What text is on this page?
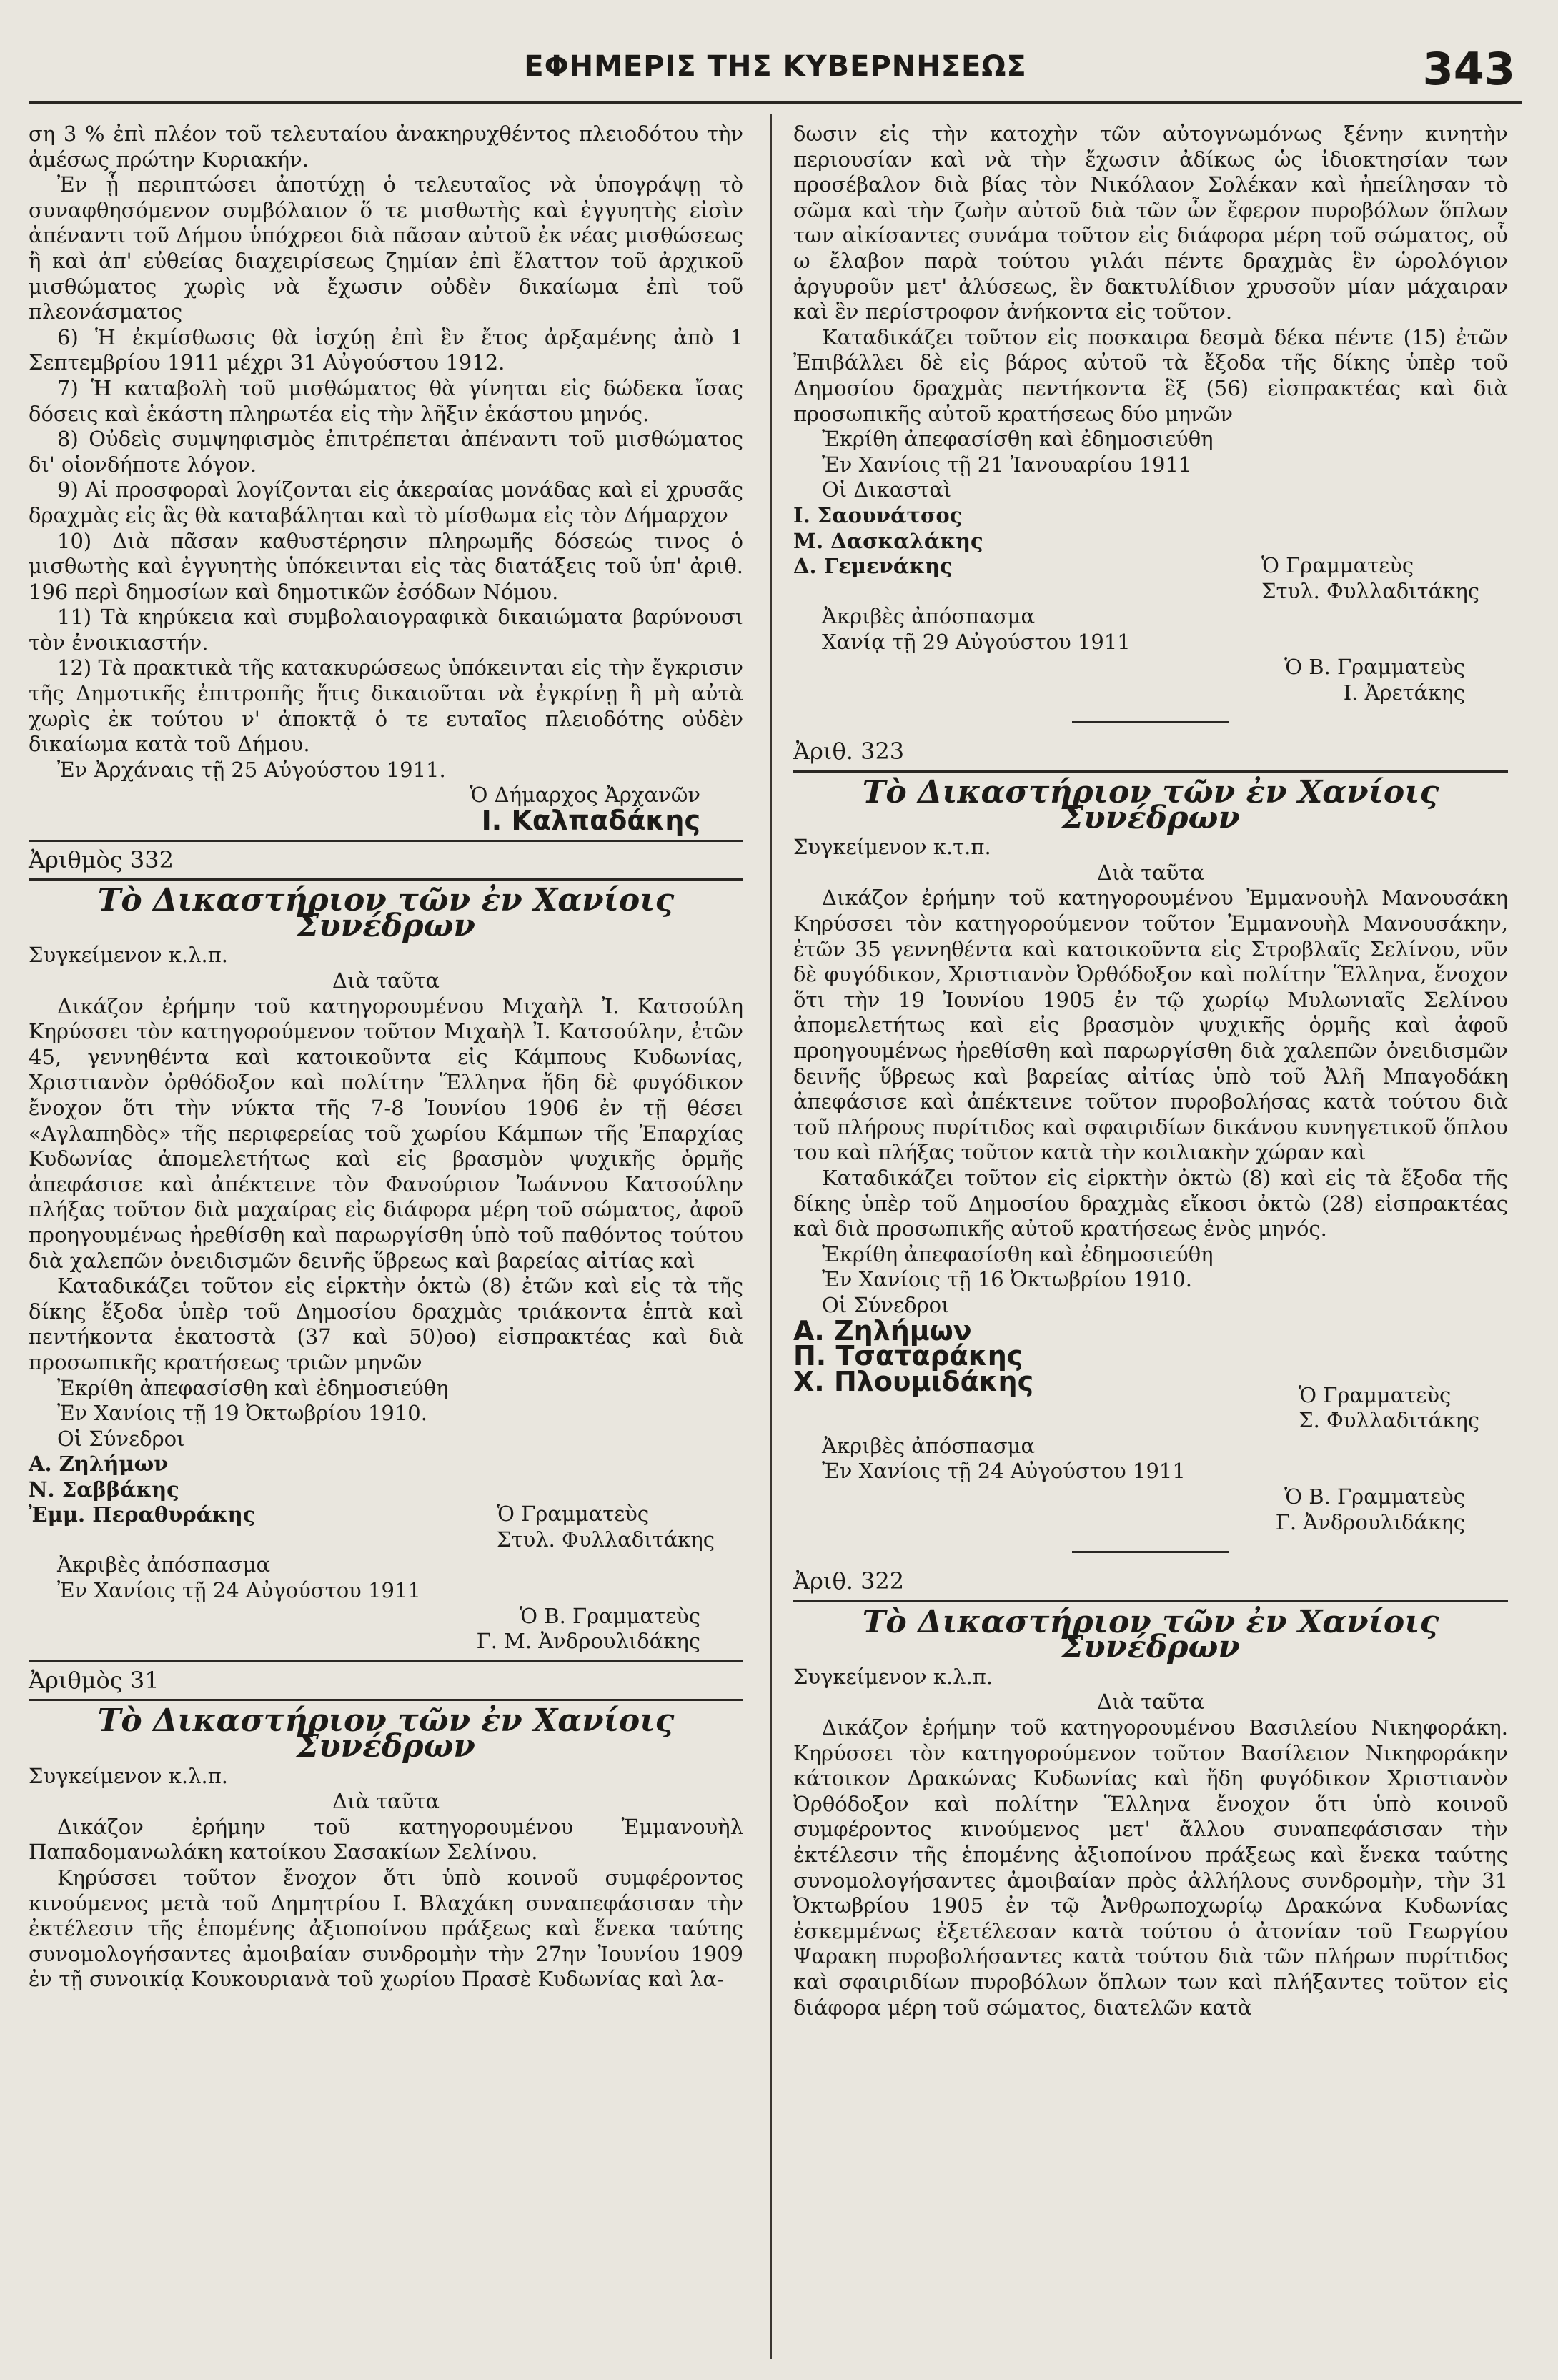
ΕΦΗΜΕΡΙΣ ΤΗΣ ΚΥΒΕΡΝΗΣΕΩΣ	343

ση 3 % ἐπὶ πλέον τοῦ τελευταίου ἀνακηρυχθέντος πλειοδότου τὴν ἀμέσως πρώτην Κυριακήν.

Ἐν ᾗ περιπτώσει ἀποτύχῃ ὁ τελευταῖος νὰ ὑπογράψῃ τὸ συναφθησόμενον συμβόλαιον ὅ τε μισθωτὴς καὶ ἐγγυητὴς εἰσὶν ἀπέναντι τοῦ Δήμου ὑπόχρεοι διὰ πᾶσαν αὐτοῦ ἐκ νέας μισθώσεως ἢ καὶ ἀπ' εὐθείας διαχειρίσεως ζημίαν ἐπὶ ἔλαττον τοῦ ἀρχικοῦ μισθώματος χωρὶς νὰ ἔχωσιν οὐδὲν δικαίωμα ἐπὶ τοῦ πλεονάσματος

6) Ἡ ἐκμίσθωσις θὰ ἰσχύῃ ἐπὶ ἓν ἔτος ἀρξαμένης ἀπὸ 1 Σεπτεμβρίου 1911 μέχρι 31 Αὐγούστου 1912.

7) Ἡ καταβολὴ τοῦ μισθώματος θὰ γίνηται εἰς δώδεκα ἴσας δόσεις καὶ ἑκάστη πληρωτέα εἰς τὴν λῆξιν ἑκάστου μηνός.

8) Οὐδεὶς συμψηφισμὸς ἐπιτρέπεται ἀπέναντι τοῦ μισθώματος δι' οἱονδήποτε λόγον.

9) Αἱ προσφοραὶ λογίζονται εἰς ἀκεραίας μονάδας καὶ εἰ χρυσᾶς δραχμὰς εἰς ἃς θὰ καταβάληται καὶ τὸ μίσθωμα εἰς τὸν Δήμαρχον

10) Διὰ πᾶσαν καθυστέρησιν πληρωμῆς δόσεώς τινος ὁ μισθωτὴς καὶ ἐγγυητὴς ὑπόκεινται εἰς τὰς διατάξεις τοῦ ὑπ' ἀριθ. 196 περὶ δημοσίων καὶ δημοτικῶν ἐσόδων Νόμου.

11) Τὰ κηρύκεια καὶ συμβολαιογραφικὰ δικαιώματα βαρύνουσι τὸν ἐνοικιαστήν.

12) Τὰ πρακτικὰ τῆς κατακυρώσεως ὑπόκεινται εἰς τὴν ἔγκρισιν τῆς Δημοτικῆς ἐπιτροπῆς ἥτις δικαιοῦται νὰ ἐγκρίνῃ ἢ μὴ αὐτὰ χωρὶς ἐκ τούτου ν' ἀποκτᾷ ὁ τε ευταῖος πλειοδότης οὐδὲν δικαίωμα κατὰ τοῦ Δήμου.

Ἐν Ἀρχάναις τῇ 25 Αὐγούστου 1911.

Ὁ Δήμαρχος Ἀρχανῶν

Ι. Καλπαδάκης

Ἀριθμὸς 332

Τὸ Δικαστήριον τῶν ἐν Χανίοις Συνέδρων

Συγκείμενον κ.λ.π.

Διὰ ταῦτα

Δικάζον ἐρήμην τοῦ κατηγορουμένου Μιχαὴλ Ἰ. Κατσούλη Κηρύσσει τὸν κατηγορούμενον τοῦτον Μιχαὴλ Ἰ. Κατσούλην, ἐτῶν 45, γεννηθέντα καὶ κατοικοῦντα εἰς Κάμπους Κυδωνίας, Χριστιανὸν ὀρθόδοξον καὶ πολίτην Ἕλληνα ἤδη δὲ φυγόδικον ἔνοχον ὅτι τὴν νύκτα τῆς 7-8 Ἰουνίου 1906 ἐν τῇ θέσει «Αγλαπηδὸς» τῆς περιφερείας τοῦ χωρίου Κάμπων τῆς Ἐπαρχίας Κυδωνίας ἀπομελετήτως καὶ εἰς βρασμὸν ψυχικῆς ὁρμῆς ἀπεφάσισε καὶ ἀπέκτεινε τὸν Φανούριον Ἰωάννου Κατσούλην πλήξας τοῦτον διὰ μαχαίρας εἰς διάφορα μέρη τοῦ σώματος, ἀφοῦ προηγουμένως ἠρεθίσθη καὶ παρωργίσθη ὑπὸ τοῦ παθόντος τούτου διὰ χαλεπῶν ὀνειδισμῶν δεινῆς ὕβρεως καὶ βαρείας αἰτίας καὶ

Καταδικάζει τοῦτον εἰς εἱρκτὴν ὀκτὼ (8) ἐτῶν καὶ εἰς τὰ τῆς δίκης ἔξοδα ὑπὲρ τοῦ Δημοσίου δραχμὰς τριάκοντα ἑπτὰ καὶ πεντήκοντα ἑκατοστὰ (37 καὶ 50)οο) εἰσπρακτέας καὶ διὰ προσωπικῆς κρατήσεως τριῶν μηνῶν

Ἐκρίθη ἀπεφασίσθη καὶ ἐδημοσιεύθη

Ἐν Χανίοις τῇ 19 Ὀκτωβρίου 1910.

Οἱ Σύνεδροι

Α. Ζηλήμων

Ν. Σαββάκης

Ἐμμ. Περαθυράκης	Ὁ Γραμματεὺς

Στυλ. Φυλλαδιτάκης

Ἀκριβὲς ἀπόσπασμα

Ἐν Χανίοις τῇ 24 Αὐγούστου 1911

Ὁ Β. Γραμματεὺς

Γ. Μ. Ἀνδρουλιδάκης

Ἀριθμὸς 31

Τὸ Δικαστήριον τῶν ἐν Χανίοις Συνέδρων

Συγκείμενον κ.λ.π.

Διὰ ταῦτα

Δικάζον ἐρήμην τοῦ κατηγορουμένου Ἐμμανουὴλ Παπαδομανωλάκη κατοίκου Σασακίων Σελίνου.

Κηρύσσει τοῦτον ἔνοχον ὅτι ὑπὸ κοινοῦ συμφέροντος κινούμενος μετὰ τοῦ Δημητρίου Ι. Βλαχάκη συναπεφάσισαν τὴν ἐκτέλεσιν τῆς ἑπομένης ἀξιοποίνου πράξεως καὶ ἕνεκα ταύτης συνομολογήσαντες ἀμοιβαίαν συνδρομὴν τὴν 27ην Ἰουνίου 1909 ἐν τῇ συνοικίᾳ Κουκουριανὰ τοῦ χωρίου Πρασὲ Κυδωνίας καὶ λα-

δωσιν εἰς τὴν κατοχὴν τῶν αὐτογνωμόνως ξένην κινητὴν περιουσίαν καὶ νὰ τὴν ἔχωσιν ἀδίκως ὡς ἰδιοκτησίαν των προσέβαλον διὰ βίας τὸν Νικόλαον Σολέκαν καὶ ἠπείλησαν τὸ σῶμα καὶ τὴν ζωὴν αὐτοῦ διὰ τῶν ὧν ἔφερον πυροβόλων ὅπλων των αἰκίσαντες συνάμα τοῦτον εἰς διάφορα μέρη τοῦ σώματος, οὗ ω ἔλαβον παρὰ τούτου γιλάι πέντε δραχμὰς ἓν ὡρολόγιον ἀργυροῦν μετ' ἀλύσεως, ἓν δακτυλίδιον χρυσοῦν μίαν μάχαιραν καὶ ἓν περίστροφον ἀνήκοντα εἰς τοῦτον.

Καταδικάζει τοῦτον εἰς ποσκαιρα δεσμὰ δέκα πέντε (15) ἐτῶν Ἐπιβάλλει δὲ εἰς βάρος αὐτοῦ τὰ ἔξοδα τῆς δίκης ὑπὲρ τοῦ Δημοσίου δραχμὰς πεντήκοντα ἓξ (56) εἰσπρακτέας καὶ διὰ προσωπικῆς αὐτοῦ κρατήσεως δύο μηνῶν

Ἐκρίθη ἀπεφασίσθη καὶ ἐδημοσιεύθη

Ἐν Χανίοις τῇ 21 Ἰανουαρίου 1911

Οἱ Δικασταὶ

Ι. Σαουνάτσος

Μ. Δασκαλάκης

Δ. Γεμενάκης	Ὁ Γραμματεὺς

Στυλ. Φυλλαδιτάκης

Ἀκριβὲς ἀπόσπασμα

Χανίᾳ τῇ 29 Αὐγούστου 1911

Ὁ Β. Γραμματεὺς

Ι. Ἀρετάκης

Ἀριθ. 323

Τὸ Δικαστήριον τῶν ἐν Χανίοις Συνέδρων

Συγκείμενον κ.τ.π.

Διὰ ταῦτα

Δικάζον ἐρήμην τοῦ κατηγορουμένου Ἐμμανουὴλ Μανουσάκη Κηρύσσει τὸν κατηγορούμενον τοῦτον Ἐμμανουὴλ Μανουσάκην, ἐτῶν 35 γεννηθέντα καὶ κατοικοῦντα εἰς Στροβλαῖς Σελίνου, νῦν δὲ φυγόδικον, Χριστιανὸν Ὀρθόδοξον καὶ πολίτην Ἕλληνα, ἔνοχον ὅτι τὴν 19 Ἰουνίου 1905 ἐν τῷ χωρίῳ Μυλωνιαῖς Σελίνου ἀπομελετήτως καὶ εἰς βρασμὸν ψυχικῆς ὁρμῆς καὶ ἀφοῦ προηγουμένως ἠρεθίσθη καὶ παρωργίσθη διὰ χαλεπῶν ὀνειδισμῶν δεινῆς ὕβρεως καὶ βαρείας αἰτίας ὑπὸ τοῦ Ἀλῆ Μπαγοδάκη ἀπεφάσισε καὶ ἀπέκτεινε τοῦτον πυροβολήσας κατὰ τούτου διὰ τοῦ πλήρους πυρίτιδος καὶ σφαιριδίων δικάνου κυνηγετικοῦ ὅπλου του καὶ πλήξας τοῦτον κατὰ τὴν κοιλιακὴν χώραν καὶ

Καταδικάζει τοῦτον εἰς εἱρκτὴν ὀκτὼ (8) καὶ εἰς τὰ ἔξοδα τῆς δίκης ὑπὲρ τοῦ Δημοσίου δραχμὰς εἴκοσι ὀκτὼ (28) εἰσπρακτέας καὶ διὰ προσωπικῆς αὐτοῦ κρατήσεως ἑνὸς μηνός.

Ἐκρίθη ἀπεφασίσθη καὶ ἐδημοσιεύθη

Ἐν Χανίοις τῇ 16 Ὀκτωβρίου 1910.

Οἱ Σύνεδροι

Α. Ζηλήμων

Π. Τσαταράκης

Χ. Πλουμιδάκης	Ὁ Γραμματεὺς

Σ. Φυλλαδιτάκης

Ἀκριβὲς ἀπόσπασμα

Ἐν Χανίοις τῇ 24 Αὐγούστου 1911

Ὁ Β. Γραμματεὺς

Γ. Ἀνδρουλιδάκης

Ἀριθ. 322

Τὸ Δικαστήριον τῶν ἐν Χανίοις Συνέδρων

Συγκείμενον κ.λ.π.

Διὰ ταῦτα

Δικάζον ἐρήμην τοῦ κατηγορουμένου Βασιλείου Νικηφοράκη. Κηρύσσει τὸν κατηγορούμενον τοῦτον Βασίλειον Νικηφοράκην κάτοικον Δρακώνας Κυδωνίας καὶ ἤδη φυγόδικον Χριστιανὸν Ὀρθόδοξον καὶ πολίτην Ἕλληνα ἔνοχον ὅτι ὑπὸ κοινοῦ συμφέροντος κινούμενος μετ' ἄλλου συναπεφάσισαν τὴν ἐκτέλεσιν τῆς ἑπομένης ἀξιοποίνου πράξεως καὶ ἕνεκα ταύτης συνομολογήσαντες ἀμοιβαίαν πρὸς ἀλλήλους συνδρομὴν, τὴν 31 Ὀκτωβρίου 1905 ἐν τῷ Ἀνθρωποχωρίῳ Δρακώνα Κυδωνίας ἐσκεμμένως ἐξετέλεσαν κατὰ τούτου ὁ ἀτονίαν τοῦ Γεωργίου Ψαρακη πυροβολήσαντες κατὰ τούτου διὰ τῶν πλήρων πυρίτιδος καὶ σφαιριδίων πυροβόλων ὅπλων των καὶ πλήξαντες τοῦτον εἰς διάφορα μέρη τοῦ σώματος, διατελῶν κατὰ
